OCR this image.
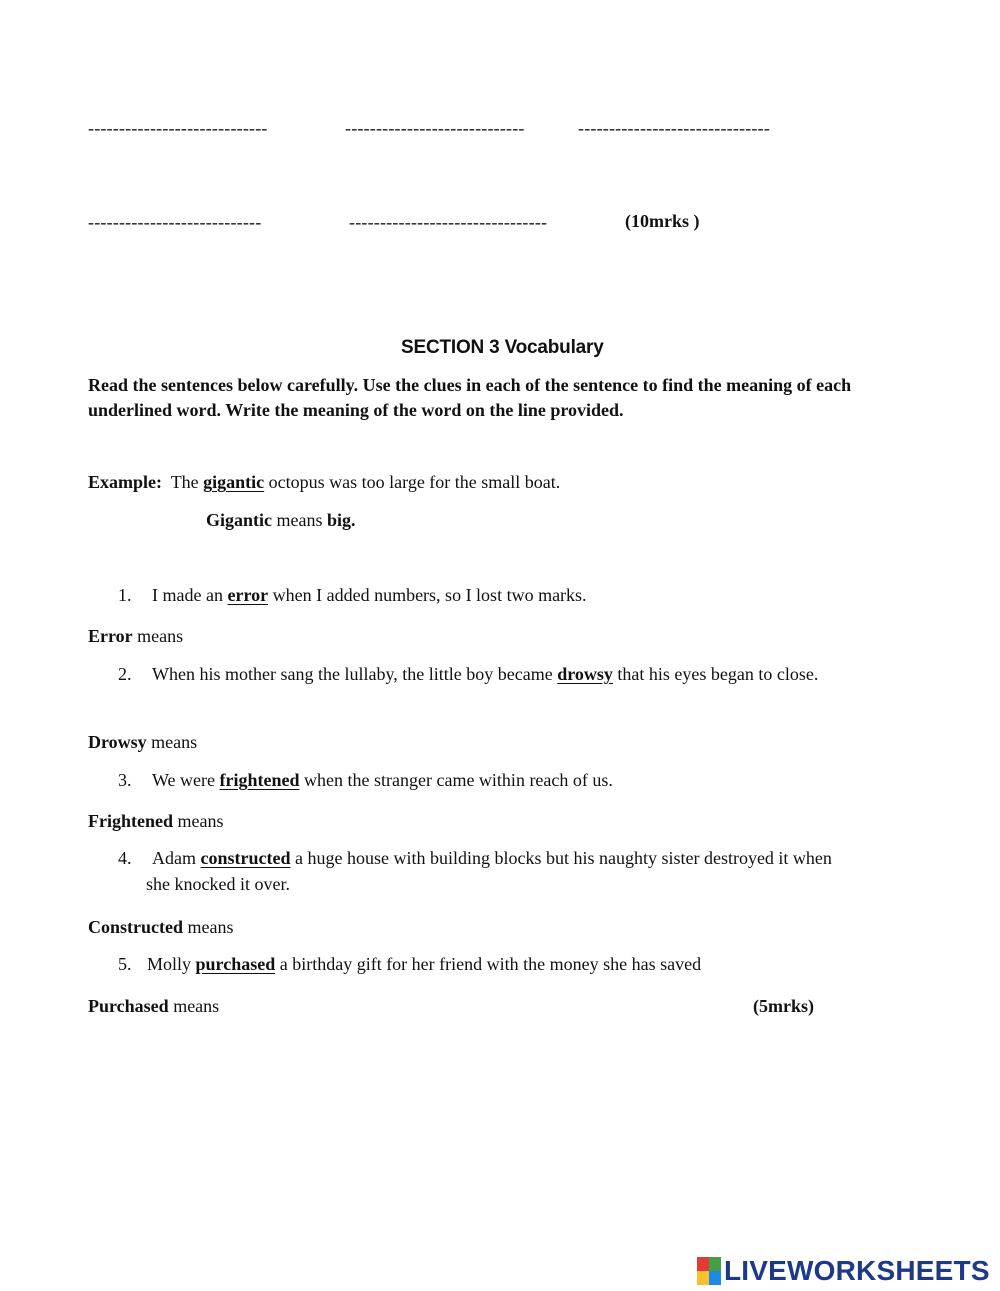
-----------------------------	-----------------------------	-------------------------------
----------------------------	--------------------------------	(10mrks )
SECTION 3 Vocabulary
Read the sentences below carefully. Use the clues in each of the sentence to find the meaning of each underlined word. Write the meaning of the word on the line provided.
Example: The gigantic octopus was too large for the small boat.
Gigantic means big.
1. I made an error when I added numbers, so I lost two marks.
Error means
2. When his mother sang the lullaby, the little boy became drowsy that his eyes began to close.
Drowsy means
3. We were frightened when the stranger came within reach of us.
Frightened means
4. Adam constructed a huge house with building blocks but his naughty sister destroyed it when
she knocked it over.
Constructed means
5. Molly purchased a birthday gift for her friend with the money she has saved
Purchased means	(5mrks)
LIVEWORKSHEETS
